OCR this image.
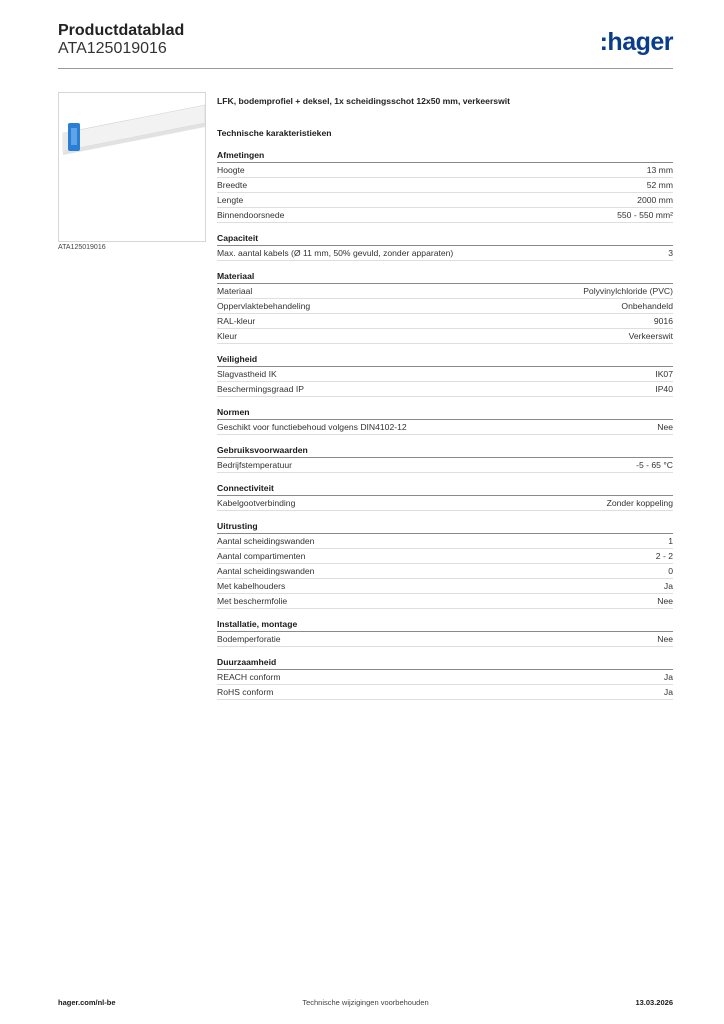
Productdatablad
ATA125019016	:hager
ATA125019016
LFK, bodemprofiel + deksel, 1x scheidingsschot 12x50 mm, verkeerswit
Technische karakteristieken
Afmetingen
Hoogte	13 mm
Breedte	52 mm
Lengte	2000 mm
Binnendoorsnede	550 - 550 mm²
Capaciteit
Max. aantal kabels (Ø 11 mm, 50% gevuld, zonder apparaten)	3
Materiaal
Materiaal	Polyvinylchloride (PVC)
Oppervlaktebehandeling	Onbehandeld
RAL-kleur	9016
Kleur	Verkeerswit
Veiligheid
Slagvastheid IK	IK07
Beschermingsgraad IP	IP40
Normen
Geschikt voor functiebehoud volgens DIN4102-12	Nee
Gebruiksvoorwaarden
Bedrijfstemperatuur	-5 - 65 °C
Connectiviteit
Kabelgootverbinding	Zonder koppeling
Uitrusting
Aantal scheidingswanden	1
Aantal compartimenten	2 - 2
Aantal scheidingswanden	0
Met kabelhouders	Ja
Met beschermfolie	Nee
Installatie, montage
Bodemperforatie	Nee
Duurzaamheid
REACH conform	Ja
RoHS conform	Ja
hager.com/nl-be	Technische wijzigingen voorbehouden	13.03.2026
